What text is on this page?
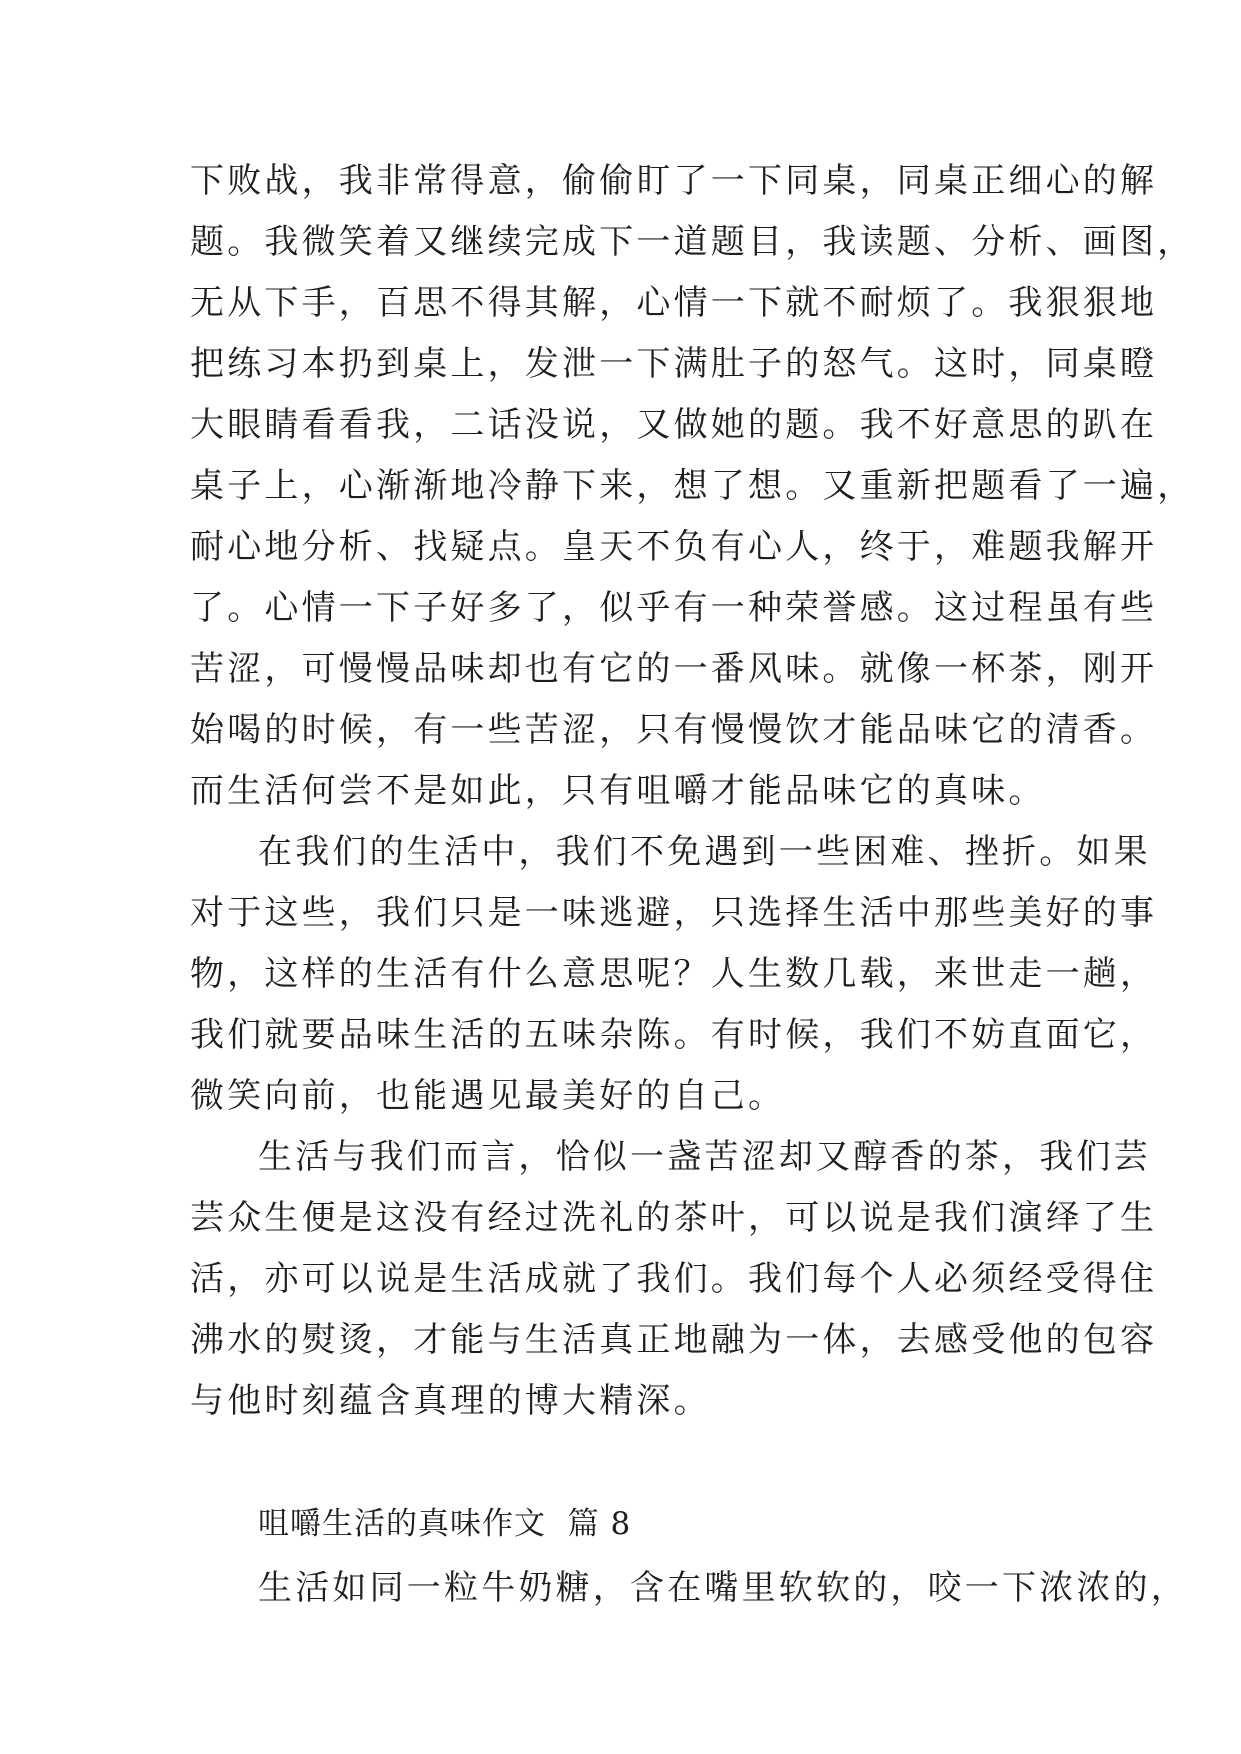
下败战，我非常得意，偷偷盯了一下同桌，同桌正细心的解
题。我微笑着又继续完成下一道题目，我读题、分析、画图，
无从下手，百思不得其解，心情一下就不耐烦了。我狠狠地
把练习本扔到桌上，发泄一下满肚子的怒气。这时，同桌瞪
大眼睛看看我，二话没说，又做她的题。我不好意思的趴在
桌子上，心渐渐地冷静下来，想了想。又重新把题看了一遍，
耐心地分析、找疑点。皇天不负有心人，终于，难题我解开
了。心情一下子好多了，似乎有一种荣誉感。这过程虽有些
苦涩，可慢慢品味却也有它的一番风味。就像一杯茶，刚开
始喝的时候，有一些苦涩，只有慢慢饮才能品味它的清香。
而生活何尝不是如此，只有咀嚼才能品味它的真味。
在我们的生活中，我们不免遇到一些困难、挫折。如果
对于这些，我们只是一味逃避，只选择生活中那些美好的事
物，这样的生活有什么意思呢？人生数几载，来世走一趟，
我们就要品味生活的五味杂陈。有时候，我们不妨直面它，
微笑向前，也能遇见最美好的自己。
生活与我们而言，恰似一盏苦涩却又醇香的茶，我们芸
芸众生便是这没有经过洗礼的茶叶，可以说是我们演绎了生
活，亦可以说是生活成就了我们。我们每个人必须经受得住
沸水的熨烫，才能与生活真正地融为一体，去感受他的包容
与他时刻蕴含真理的博大精深。
咀嚼生活的真味作文  篇 8
生活如同一粒牛奶糖，含在嘴里软软的，咬一下浓浓的，
